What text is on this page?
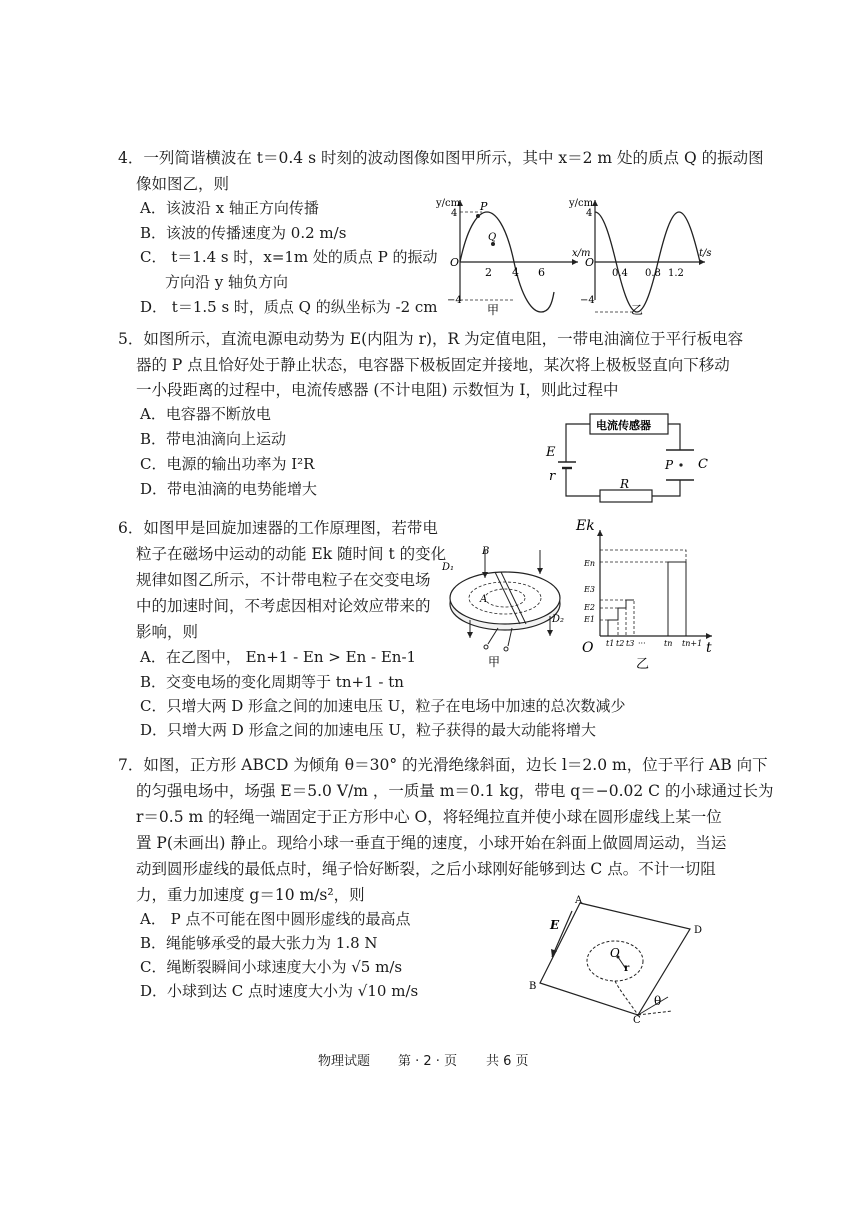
4．一列简谐横波在 t＝0.4 s 时刻的波动图像如图甲所示，其中 x＝2 m 处的质点 Q 的振动图
像如图乙，则
A．该波沿 x 轴正方向传播
B．该波的传播速度为 0.2 m/s
C． t＝1.4 s 时，x=1m 处的质点 P 的振动
方向沿 y 轴负方向
D． t＝1.5 s 时，质点 Q 的纵坐标为 -2 cm
y/cm
x/m
4
−4
O
2 4 6
P
Q
甲
y/cm
t/s
4
−4
O
0.4 0.8 1.2
乙
5．如图所示，直流电源电动势为 E(内阻为 r)，R 为定值电阻，一带电油滴位于平行板电容
器的 P 点且恰好处于静止状态，电容器下极板固定并接地，某次将上极板竖直向下移动
一小段距离的过程中，电流传感器 (不计电阻) 示数恒为 I，则此过程中
A．电容器不断放电
B．带电油滴向上运动
C．电源的输出功率为 I²R
D．带电油滴的电势能增大
电流传感器
E
r
P C
R
6．如图甲是回旋加速器的工作原理图，若带电
粒子在磁场中运动的动能 Ek 随时间 t 的变化
规律如图乙所示，不计带电粒子在交变电场
中的加速时间，不考虑因相对论效应带来的
影响，则
A．在乙图中， En+1 - En > En - En-1
B．交变电场的变化周期等于 tn+1 - tn
C．只增大两 D 形盒之间的加速电压 U，粒子在电场中加速的总次数减少
D．只增大两 D 形盒之间的加速电压 U，粒子获得的最大动能将增大
B
D₁
D₂
A
甲
Ek
t
O
En
E3
E2
E1
t1 t2 t3 ··· tn tn+1
乙
7．如图，正方形 ABCD 为倾角 θ＝30° 的光滑绝缘斜面，边长 l＝2.0 m，位于平行 AB 向下
的匀强电场中，场强 E＝5.0 V/m ，一质量 m＝0.1 kg，带电 q＝−0.02 C 的小球通过长为
r＝0.5 m 的轻绳一端固定于正方形中心 O，将轻绳拉直并使小球在圆形虚线上某一位
置 P(未画出) 静止。现给小球一垂直于绳的速度，小球开始在斜面上做圆周运动，当运
动到圆形虚线的最低点时，绳子恰好断裂，之后小球刚好能够到达 C 点。不计一切阻
力，重力加速度 g＝10 m/s²，则
A． P 点不可能在图中圆形虚线的最高点
B．绳能够承受的最大张力为 1.8 N
C．绳断裂瞬间小球速度大小为 √5 m/s
D．小球到达 C 点时速度大小为 √10 m/s
A
B
C
D
E
O
r
θ
物理试题 第 · 2 · 页 共 6 页
